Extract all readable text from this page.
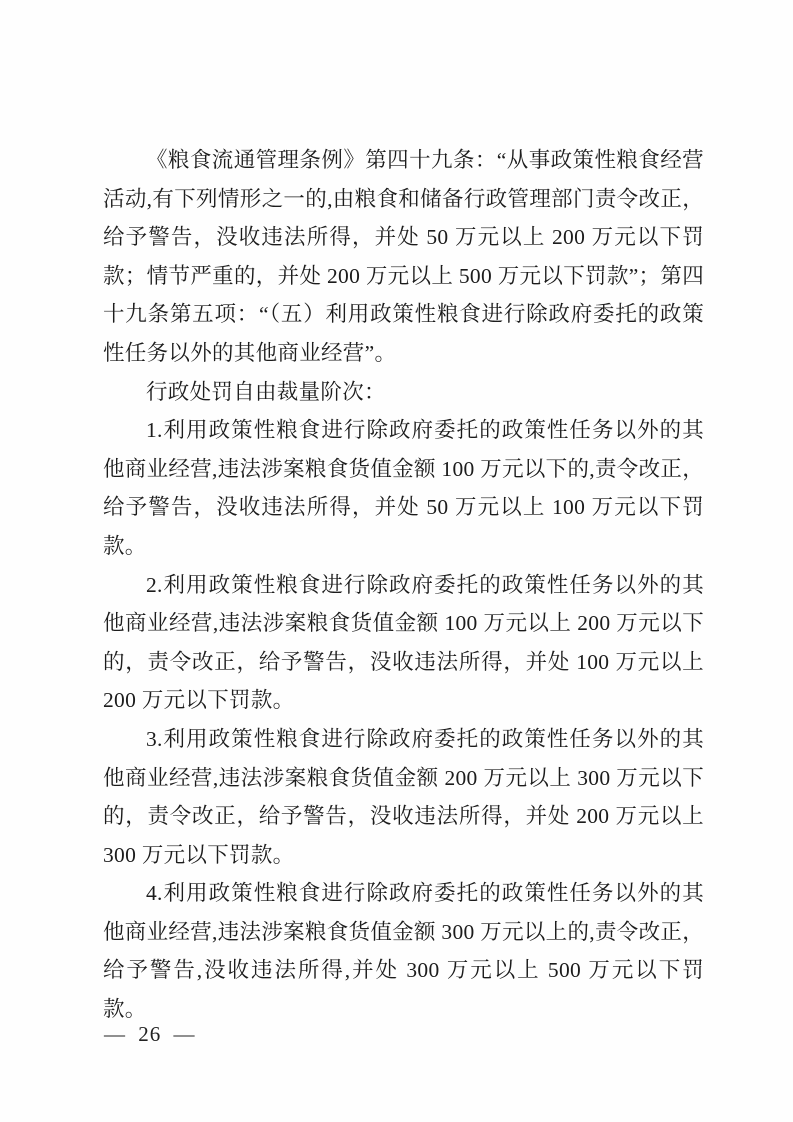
《粮食流通管理条例》第四十九条：“从事政策性粮食经营活动,有下列情形之一的,由粮食和储备行政管理部门责令改正，给予警告，没收违法所得，并处 50 万元以上 200 万元以下罚款；情节严重的，并处 200 万元以上 500 万元以下罚款”；第四十九条第五项：“（五）利用政策性粮食进行除政府委托的政策性任务以外的其他商业经营”。

行政处罚自由裁量阶次：

1.利用政策性粮食进行除政府委托的政策性任务以外的其他商业经营,违法涉案粮食货值金额 100 万元以下的,责令改正，给予警告，没收违法所得，并处 50 万元以上 100 万元以下罚款。

2.利用政策性粮食进行除政府委托的政策性任务以外的其他商业经营,违法涉案粮食货值金额 100 万元以上 200 万元以下的，责令改正，给予警告，没收违法所得，并处 100 万元以上 200 万元以下罚款。

3.利用政策性粮食进行除政府委托的政策性任务以外的其他商业经营,违法涉案粮食货值金额 200 万元以上 300 万元以下的，责令改正，给予警告，没收违法所得，并处 200 万元以上 300 万元以下罚款。

4.利用政策性粮食进行除政府委托的政策性任务以外的其他商业经营,违法涉案粮食货值金额 300 万元以上的,责令改正，给予警告,没收违法所得,并处 300 万元以上 500 万元以下罚款。

— 26 —
